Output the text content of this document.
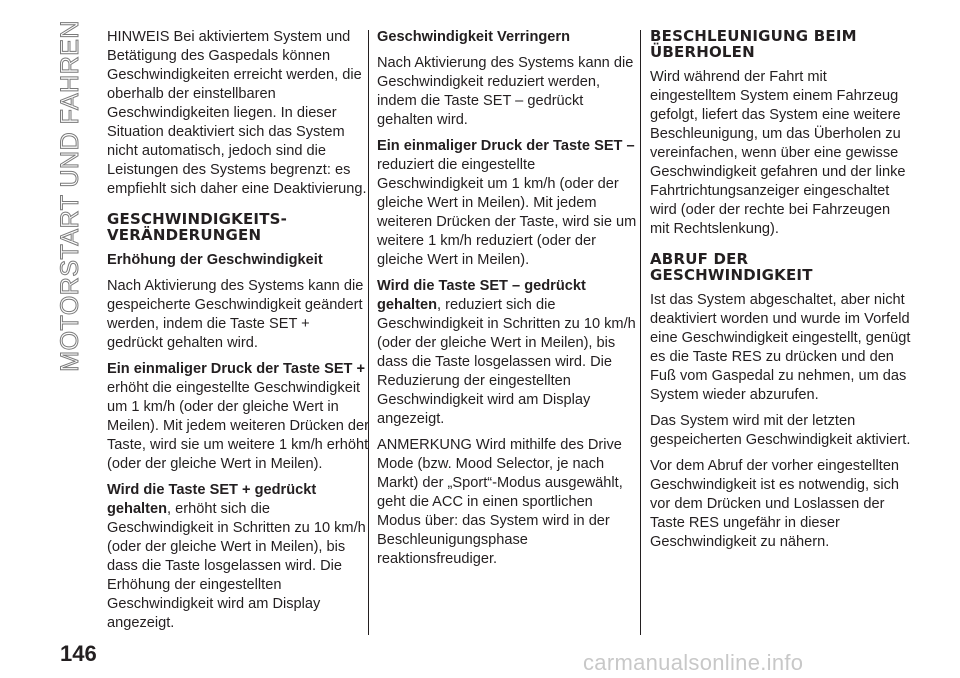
MOTORSTART UND FAHREN HINWEIS Bei aktiviertem System und Betätigung des Gaspedals können Geschwindigkeiten erreicht werden, die oberhalb der einstellbaren Geschwindigkeiten liegen. In dieser Situation deaktiviert sich das System nicht automatisch, jedoch sind die Leistungen des Systems begrenzt: es empfiehlt sich daher eine Deaktivierung.

GESCHWINDIGKEITS-VERÄNDERUNGEN
Erhöhung der Geschwindigkeit

Nach Aktivierung des Systems kann die gespeicherte Geschwindigkeit geändert werden, indem die Taste SET + gedrückt gehalten wird.

Ein einmaliger Druck der Taste SET + erhöht die eingestellte Geschwindigkeit um 1 km/h (oder der gleiche Wert in Meilen). Mit jedem weiteren Drücken der Taste, wird sie um weitere 1 km/h erhöht (oder der gleiche Wert in Meilen).

Wird die Taste SET + gedrückt gehalten, erhöht sich die Geschwindigkeit in Schritten zu 10 km/h (oder der gleiche Wert in Meilen), bis dass die Taste losgelassen wird. Die Erhöhung der eingestellten Geschwindigkeit wird am Display angezeigt.

Geschwindigkeit Verringern

Nach Aktivierung des Systems kann die Geschwindigkeit reduziert werden, indem die Taste SET – gedrückt gehalten wird.

Ein einmaliger Druck der Taste SET – reduziert die eingestellte Geschwindigkeit um 1 km/h (oder der gleiche Wert in Meilen). Mit jedem weiteren Drücken der Taste, wird sie um weitere 1 km/h reduziert (oder der gleiche Wert in Meilen).

Wird die Taste SET – gedrückt gehalten, reduziert sich die Geschwindigkeit in Schritten zu 10 km/h (oder der gleiche Wert in Meilen), bis dass die Taste losgelassen wird. Die Reduzierung der eingestellten Geschwindigkeit wird am Display angezeigt.

ANMERKUNG Wird mithilfe des Drive Mode (bzw. Mood Selector, je nach Markt) der „Sport“-Modus ausgewählt, geht die ACC in einen sportlichen Modus über: das System wird in der Beschleunigungsphase reaktionsfreudiger.

BESCHLEUNIGUNG BEIM ÜBERHOLEN

Wird während der Fahrt mit eingestelltem System einem Fahrzeug gefolgt, liefert das System eine weitere Beschleunigung, um das Überholen zu vereinfachen, wenn über eine gewisse Geschwindigkeit gefahren und der linke Fahrtrichtungsanzeiger eingeschaltet wird (oder der rechte bei Fahrzeugen mit Rechtslenkung).

ABRUF DER GESCHWINDIGKEIT

Ist das System abgeschaltet, aber nicht deaktiviert worden und wurde im Vorfeld eine Geschwindigkeit eingestellt, genügt es die Taste RES zu drücken und den Fuß vom Gaspedal zu nehmen, um das System wieder abzurufen.

Das System wird mit der letzten gespeicherten Geschwindigkeit aktiviert.

Vor dem Abruf der vorher eingestellten Geschwindigkeit ist es notwendig, sich vor dem Drücken und Loslassen der Taste RES ungefähr in dieser Geschwindigkeit zu nähern.

146	carmanualsonline.info
